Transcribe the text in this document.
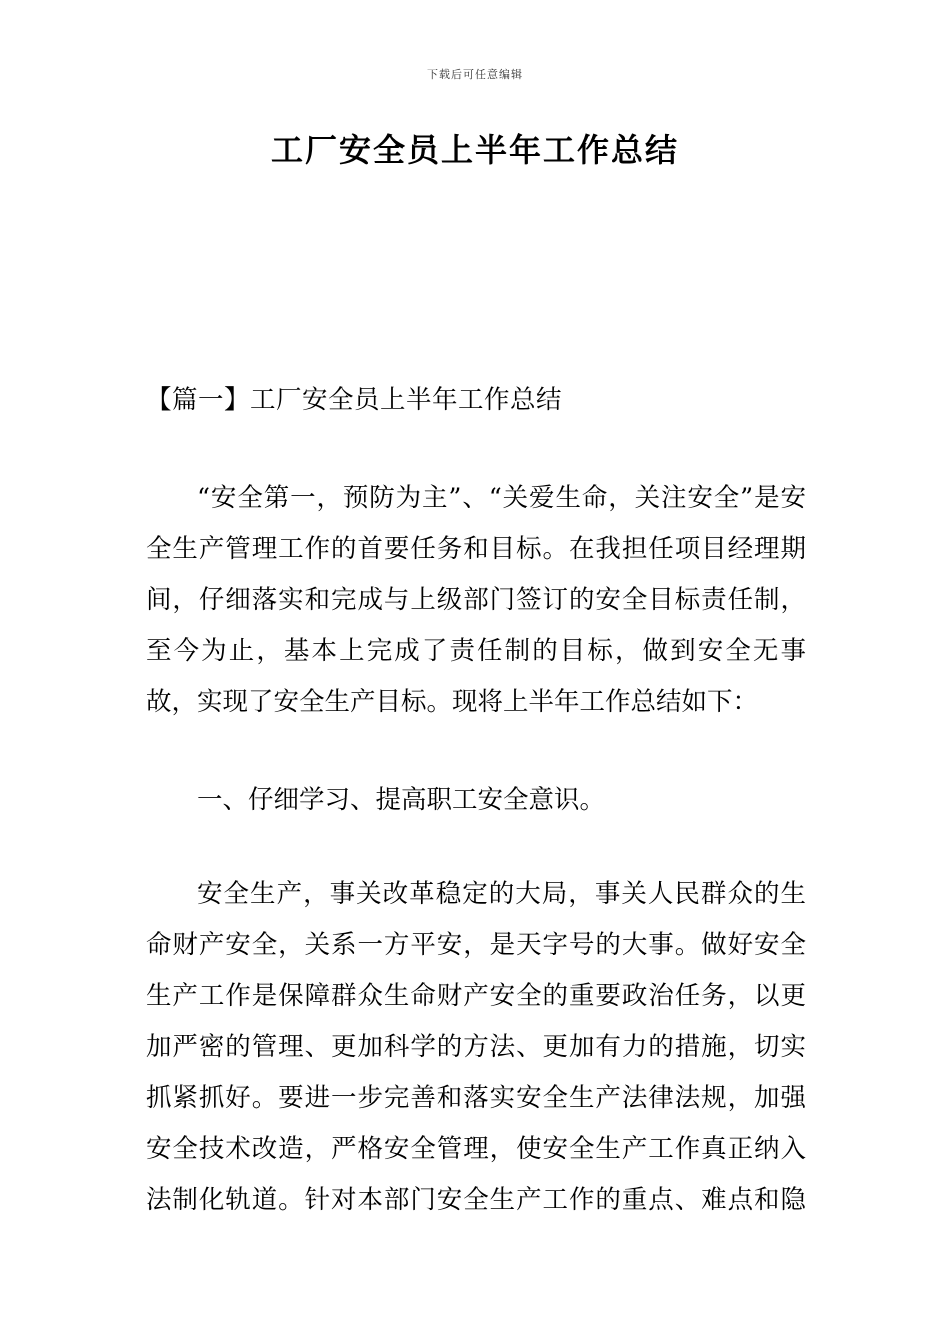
下载后可任意编辑
工厂安全员上半年工作总结

【篇一】工厂安全员上半年工作总结

“安全第一，预防为主”、“关爱生命，关注安全”是安全生产管理工作的首要任务和目标。在我担任项目经理期间，仔细落实和完成与上级部门签订的安全目标责任制，至今为止，基本上完成了责任制的目标，做到安全无事故，实现了安全生产目标。现将上半年工作总结如下：

一、仔细学习、提高职工安全意识。

安全生产，事关改革稳定的大局，事关人民群众的生命财产安全，关系一方平安，是天字号的大事。做好安全生产工作是保障群众生命财产安全的重要政治任务，以更加严密的管理、更加科学的方法、更加有力的措施，切实抓紧抓好。要进一步完善和落实安全生产法律法规，加强安全技术改造，严格安全管理，使安全生产工作真正纳入法制化轨道。针对本部门安全生产工作的重点、难点和隐
